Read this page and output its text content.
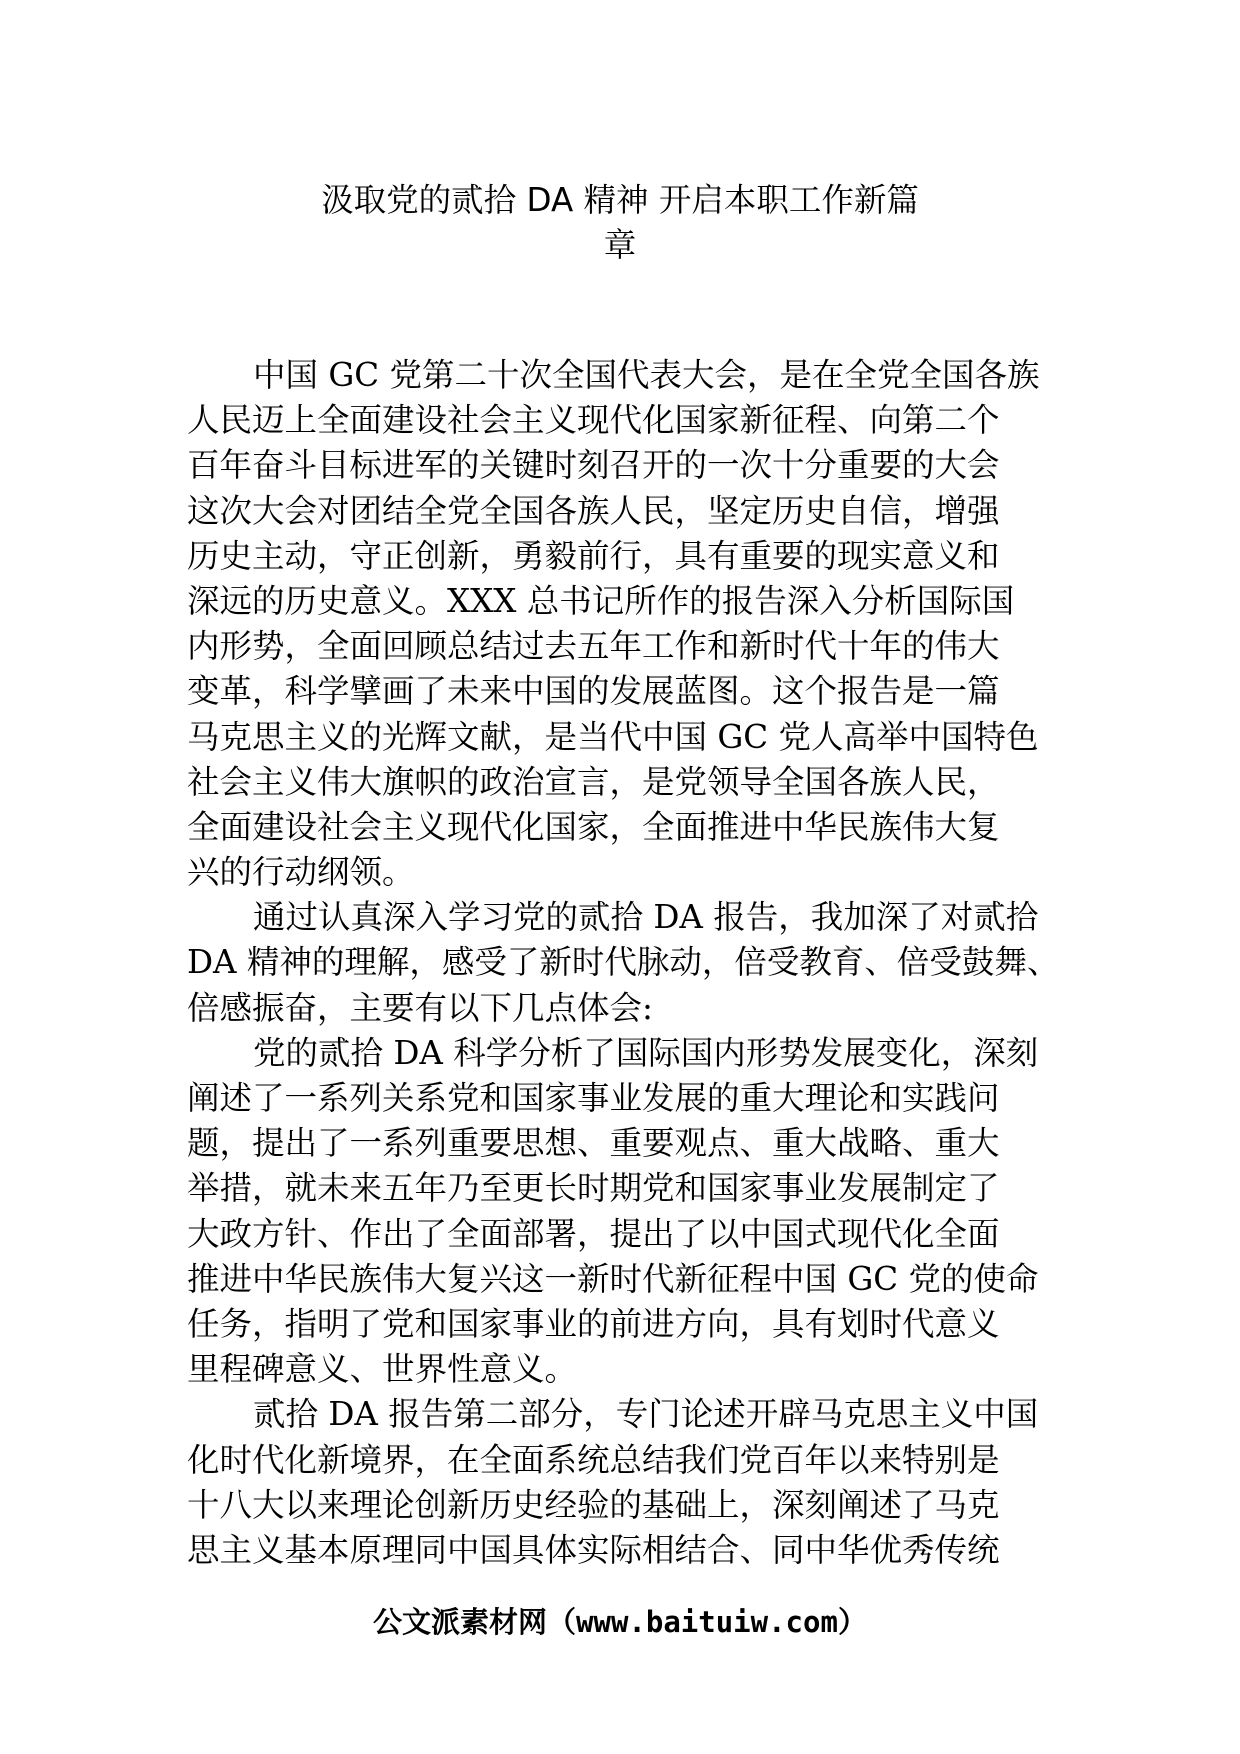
汲取党的贰拾 DA 精神 开启本职工作新篇
章
中国 GC 党第二十次全国代表大会，是在全党全国各族
人民迈上全面建设社会主义现代化国家新征程、向第二个
百年奋斗目标进军的关键时刻召开的一次十分重要的大会
这次大会对团结全党全国各族人民，坚定历史自信，增强
历史主动，守正创新，勇毅前行，具有重要的现实意义和
深远的历史意义。XXX 总书记所作的报告深入分析国际国
内形势，全面回顾总结过去五年工作和新时代十年的伟大
变革，科学擘画了未来中国的发展蓝图。这个报告是一篇
马克思主义的光辉文献，是当代中国 GC 党人高举中国特色
社会主义伟大旗帜的政治宣言，是党领导全国各族人民，
全面建设社会主义现代化国家，全面推进中华民族伟大复
兴的行动纲领。
通过认真深入学习党的贰拾 DA 报告，我加深了对贰拾
DA 精神的理解，感受了新时代脉动，倍受教育、倍受鼓舞、
倍感振奋，主要有以下几点体会:
党的贰拾 DA 科学分析了国际国内形势发展变化，深刻
阐述了一系列关系党和国家事业发展的重大理论和实践问
题，提出了一系列重要思想、重要观点、重大战略、重大
举措，就未来五年乃至更长时期党和国家事业发展制定了
大政方针、作出了全面部署，提出了以中国式现代化全面
推进中华民族伟大复兴这一新时代新征程中国 GC 党的使命
任务，指明了党和国家事业的前进方向，具有划时代意义
里程碑意义、世界性意义。
贰拾 DA 报告第二部分，专门论述开辟马克思主义中国
化时代化新境界，在全面系统总结我们党百年以来特别是
十八大以来理论创新历史经验的基础上，深刻阐述了马克
思主义基本原理同中国具体实际相结合、同中华优秀传统
公文派素材网（www.baituiw.com）
